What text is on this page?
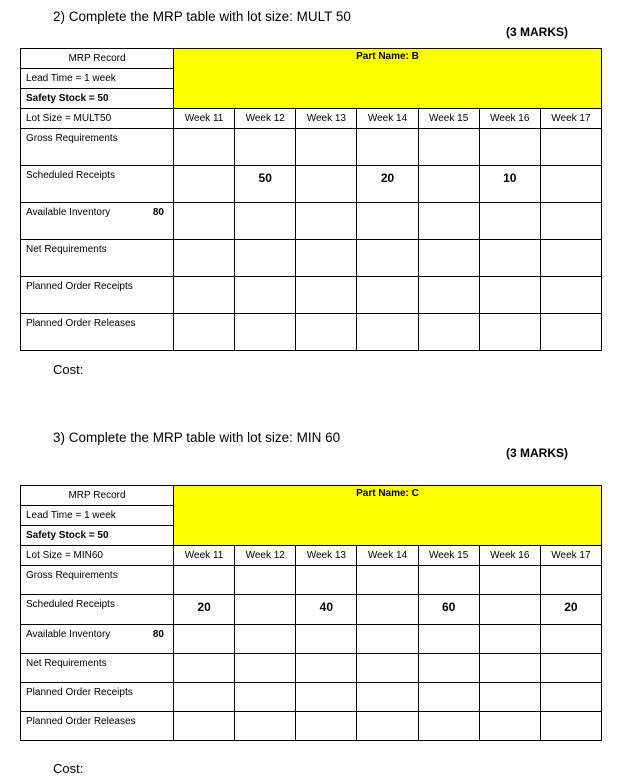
2) Complete the MRP table with lot size: MULT 50
(3 MARKS)
MRP Record	Part Name: B						
Lead Time = 1 week							
Safety Stock = 50							
Lot Size = MULT50	Week 11	Week 12	Week 13	Week 14	Week 15	Week 16	Week 17

Gross Requirements							

Scheduled Receipts		50		20		10	

Available Inventory 80							

Net Requirements							

Planned Order Receipts							

Planned Order Releases							

Cost:
3) Complete the MRP table with lot size: MIN 60
(3 MARKS)
MRP Record	Part Name: C						
Lead Time = 1 week							
Safety Stock = 50							
Lot Size = MIN60	Week 11	Week 12	Week 13	Week 14	Week 15	Week 16	Week 17

Gross Requirements							

Scheduled Receipts	20		40		60		20

Available Inventory 80							

Net Requirements							

Planned Order Receipts							

Planned Order Releases							

Cost:
